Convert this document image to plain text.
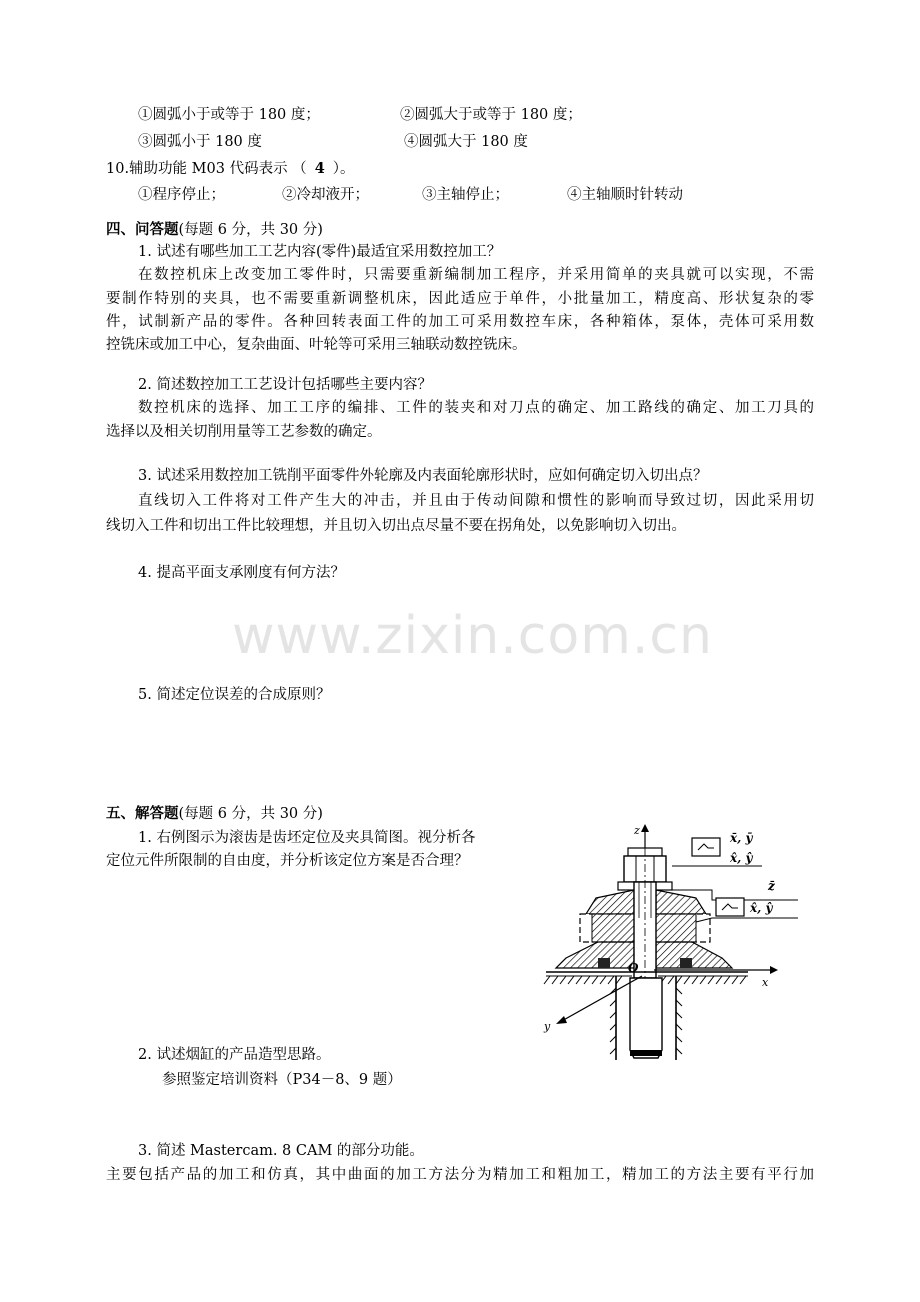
①圆弧小于或等于 180 度；	②圆弧大于或等于 180 度；
③圆弧小于 180 度	④圆弧大于 180 度
10.辅助功能 M03 代码表示 （ 4 ）。
①程序停止；	②冷却液开；	③主轴停止；	④主轴顺时针转动
四、问答题(每题 6 分，共 30 分)
1. 试述有哪些加工工艺内容(零件)最适宜采用数控加工？
在数控机床上改变加工零件时，只需要重新编制加工程序，并采用简单的夹具就可以实现，不需
要制作特别的夹具，也不需要重新调整机床，因此适应于单件，小批量加工，精度高、形状复杂的零
件，试制新产品的零件。各种回转表面工件的加工可采用数控车床，各种箱体，泵体，壳体可采用数
控铣床或加工中心，复杂曲面、叶轮等可采用三轴联动数控铣床。
2. 简述数控加工工艺设计包括哪些主要内容？
数控机床的选择、加工工序的编排、工件的装夹和对刀点的确定、加工路线的确定、加工刀具的
选择以及相关切削用量等工艺参数的确定。
3. 试述采用数控加工铣削平面零件外轮廓及内表面轮廓形状时，应如何确定切入切出点？
直线切入工件将对工件产生大的冲击，并且由于传动间隙和惯性的影响而导致过切，因此采用切
线切入工件和切出工件比较理想，并且切入切出点尽量不要在拐角处，以免影响切入切出。
4. 提高平面支承刚度有何方法？
www.zixin.com.cn
5. 简述定位误差的合成原则？
五、解答题(每题 6 分，共 30 分)
1. 右例图示为滚齿是齿坯定位及夹具简图。视分析各
定位元件所限制的自由度，并分析该定位方案是否合理？
z
x
y
O
x̄, ȳ
x̂, ŷ
z̄
x̂, ŷ
2. 试述烟缸的产品造型思路。
参照鉴定培训资料（P34－8、9 题）
3. 简述 Mastercam. 8 CAM 的部分功能。
主要包括产品的加工和仿真，其中曲面的加工方法分为精加工和粗加工，精加工的方法主要有平行加
